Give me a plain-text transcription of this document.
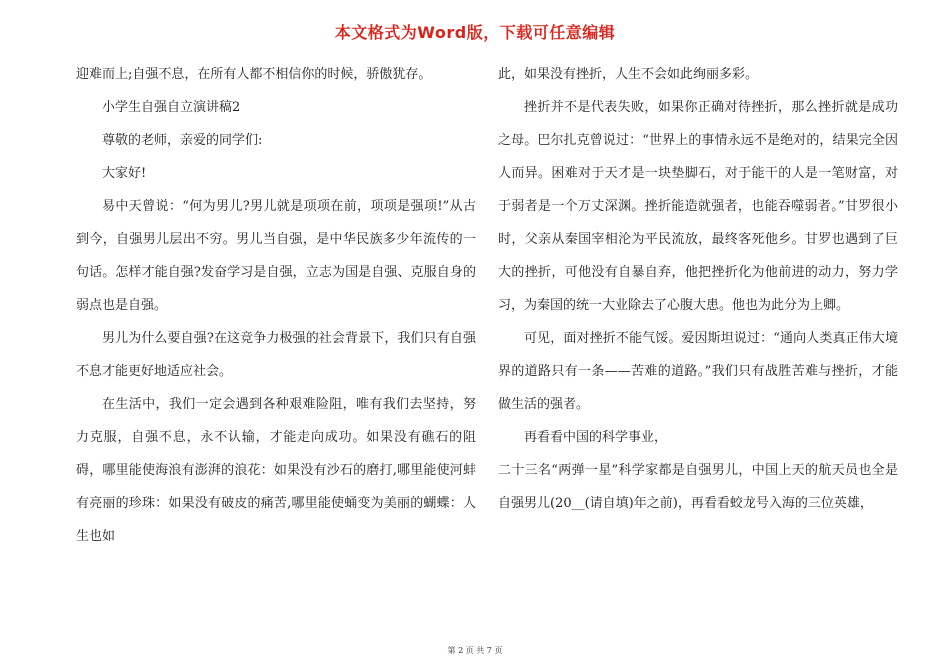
本文格式为Word版，下载可任意编辑

迎难而上;自强不息，在所有人都不相信你的时候，骄傲犹存。

小学生自强自立演讲稿2

尊敬的老师，亲爱的同学们:

大家好!

易中天曾说：“何为男儿?男儿就是项项在前，项项是强项!”从古到今，自强男儿层出不穷。男儿当自强，是中华民族多少年流传的一句话。怎样才能自强?发奋学习是自强，立志为国是自强、克服自身的弱点也是自强。

男儿为什么要自强?在这竞争力极强的社会背景下，我们只有自强不息才能更好地适应社会。

在生活中，我们一定会遇到各种艰难险阻，唯有我们去坚持，努力克服，自强不息，永不认输，才能走向成功。如果没有礁石的阻碍，哪里能使海浪有澎湃的浪花：如果没有沙石的磨打,哪里能使河蚌有亮丽的珍珠：如果没有破皮的痛苦,哪里能使蛹变为美丽的蝴蝶：人生也如

此，如果没有挫折，人生不会如此绚丽多彩。

挫折并不是代表失败，如果你正确对待挫折，那么挫折就是成功之母。巴尔扎克曾说过：“世界上的事情永远不是绝对的，结果完全因人而异。困难对于天才是一块垫脚石，对于能干的人是一笔财富，对于弱者是一个万丈深渊。挫折能造就强者，也能吞噬弱者。”甘罗很小时，父亲从秦国宰相沦为平民流放，最终客死他乡。甘罗也遇到了巨大的挫折，可他没有自暴自弃，他把挫折化为他前进的动力，努力学习，为秦国的统一大业除去了心腹大患。他也为此分为上卿。

可见，面对挫折不能气馁。爱因斯坦说过：“通向人类真正伟大境界的道路只有一条——苦难的道路。”我们只有战胜苦难与挫折，才能做生活的强者。

再看看中国的科学事业，

二十三名“两弹一星”科学家都是自强男儿，中国上天的航天员也全是自强男儿(20__(请自填)年之前)，再看看蛟龙号入海的三位英雄，

第 2 页 共 7 页
